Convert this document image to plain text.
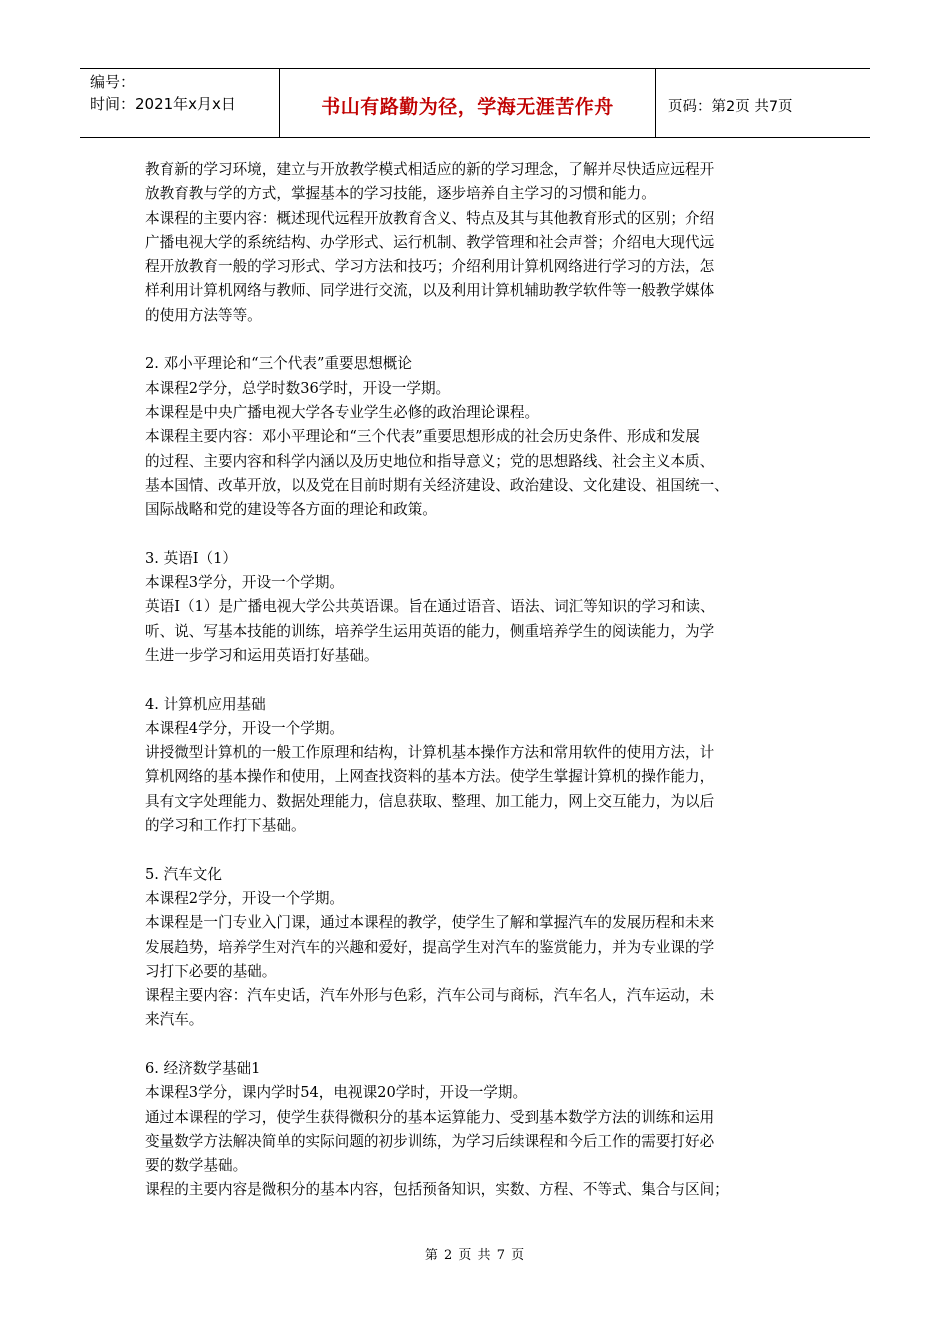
编号：
时间：2021年x月x日	书山有路勤为径，学海无涯苦作舟	页码：第2页 共7页

教育新的学习环境，建立与开放教学模式相适应的新的学习理念，了解并尽快适应远程开

放教育教与学的方式，掌握基本的学习技能，逐步培养自主学习的习惯和能力。

本课程的主要内容：概述现代远程开放教育含义、特点及其与其他教育形式的区别；介绍

广播电视大学的系统结构、办学形式、运行机制、教学管理和社会声誉；介绍电大现代远

程开放教育一般的学习形式、学习方法和技巧；介绍利用计算机网络进行学习的方法，怎

样利用计算机网络与教师、同学进行交流，以及利用计算机辅助教学软件等一般教学媒体

的使用方法等等。

2. 邓小平理论和“三个代表”重要思想概论

本课程2学分，总学时数36学时，开设一学期。

本课程是中央广播电视大学各专业学生必修的政治理论课程。

本课程主要内容：邓小平理论和“三个代表”重要思想形成的社会历史条件、形成和发展

的过程、主要内容和科学内涵以及历史地位和指导意义；党的思想路线、社会主义本质、

基本国情、改革开放，以及党在目前时期有关经济建设、政治建设、文化建设、祖国统一、

国际战略和党的建设等各方面的理论和政策。

3. 英语Ⅰ（1）

本课程3学分，开设一个学期。

英语Ⅰ（1）是广播电视大学公共英语课。旨在通过语音、语法、词汇等知识的学习和读、

听、说、写基本技能的训练，培养学生运用英语的能力，侧重培养学生的阅读能力，为学

生进一步学习和运用英语打好基础。

4. 计算机应用基础

本课程4学分，开设一个学期。

讲授微型计算机的一般工作原理和结构，计算机基本操作方法和常用软件的使用方法，计

算机网络的基本操作和使用，上网查找资料的基本方法。使学生掌握计算机的操作能力，

具有文字处理能力、数据处理能力，信息获取、整理、加工能力，网上交互能力，为以后

的学习和工作打下基础。

5. 汽车文化

本课程2学分，开设一个学期。

本课程是一门专业入门课，通过本课程的教学，使学生了解和掌握汽车的发展历程和未来

发展趋势，培养学生对汽车的兴趣和爱好，提高学生对汽车的鉴赏能力，并为专业课的学

习打下必要的基础。

课程主要内容：汽车史话，汽车外形与色彩，汽车公司与商标，汽车名人，汽车运动，未

来汽车。

6. 经济数学基础1

本课程3学分，课内学时54，电视课20学时，开设一学期。

通过本课程的学习，使学生获得微积分的基本运算能力、受到基本数学方法的训练和运用

变量数学方法解决简单的实际问题的初步训练，为学习后续课程和今后工作的需要打好必

要的数学基础。

课程的主要内容是微积分的基本内容，包括预备知识，实数、方程、不等式、集合与区间；

第 2 页 共 7 页
